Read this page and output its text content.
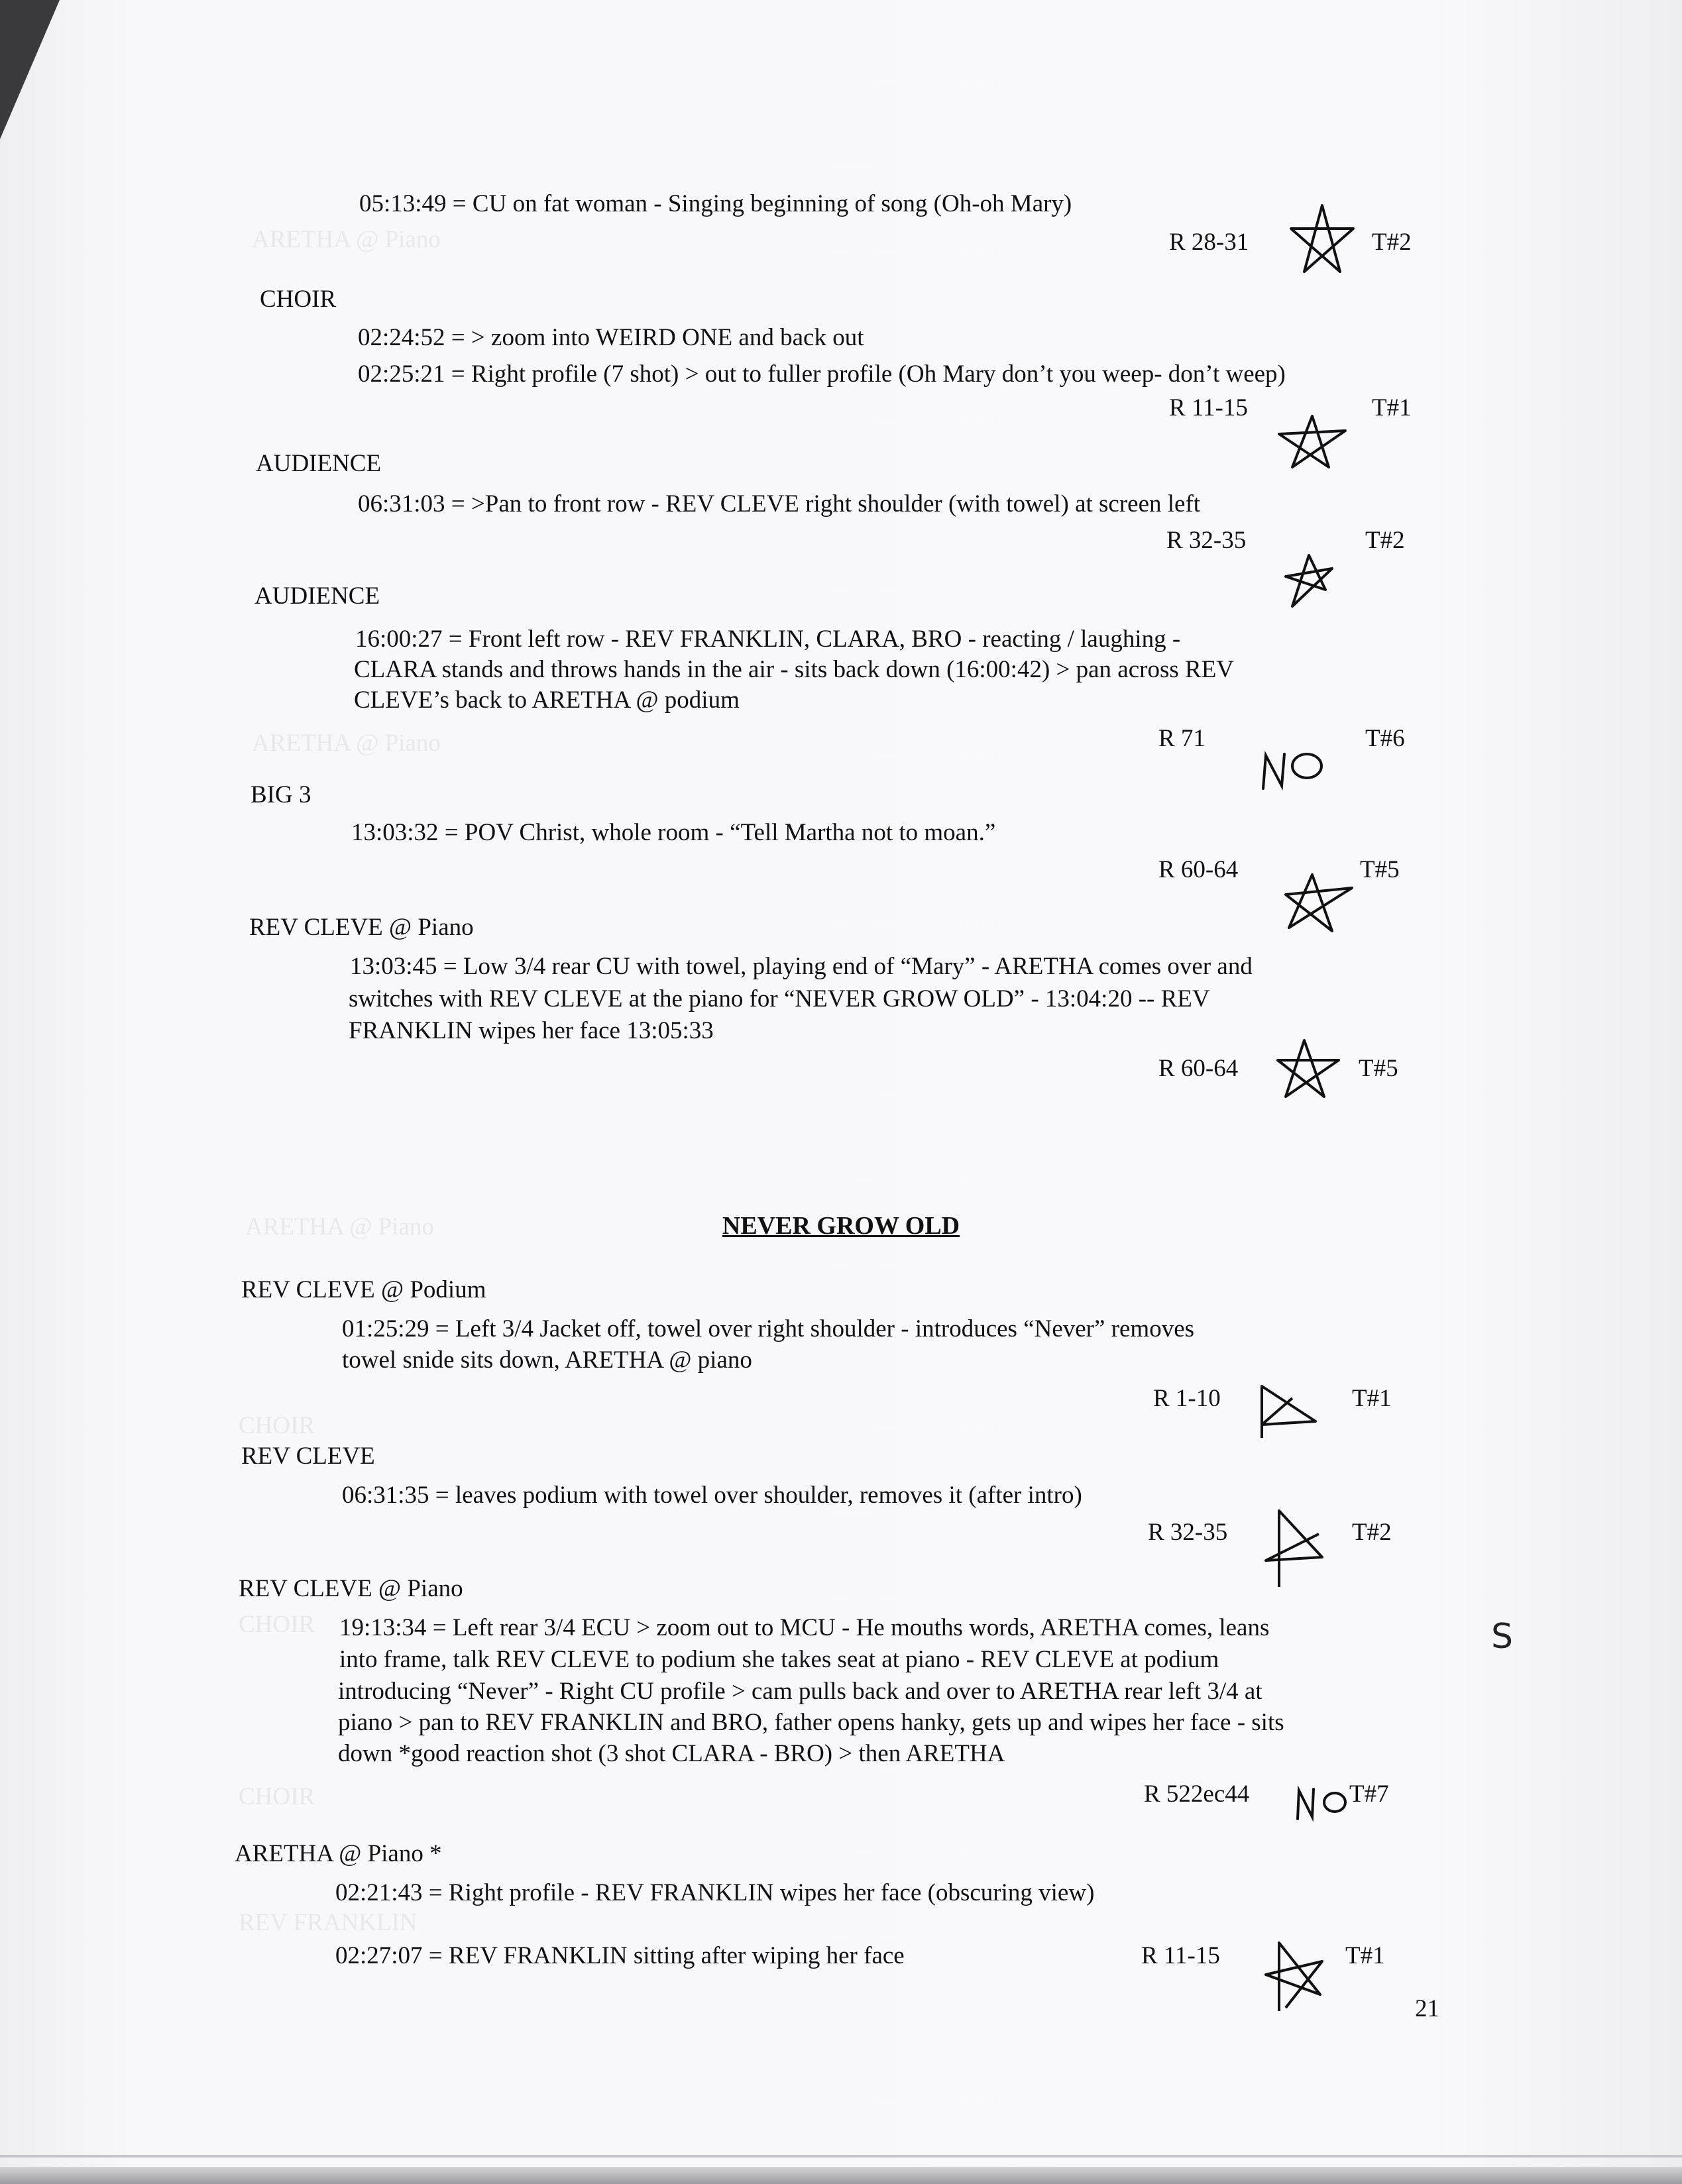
ARETHA @ Piano
ARETHA @ Piano
ARETHA @ Piano
CHOIR
CHOIR
CHOIR
REV FRANKLIN
05:13:49 = CU on fat woman - Singing beginning of song (Oh-oh Mary)
R 28-31	T#2
CHOIR
02:24:52 = > zoom into WEIRD ONE and back out
02:25:21 = Right profile (7 shot) > out to fuller profile (Oh Mary don’t you weep- don’t weep)
R 11-15	T#1
AUDIENCE
06:31:03 = >Pan to front row - REV CLEVE right shoulder (with towel) at screen left
R 32-35	T#2
AUDIENCE
16:00:27 = Front left row - REV FRANKLIN, CLARA, BRO - reacting / laughing -
CLARA stands and throws hands in the air - sits back down (16:00:42) > pan across REV
CLEVE’s back to ARETHA @ podium
R 71	T#6
BIG 3
13:03:32 = POV Christ, whole room - “Tell Martha not to moan.”
R 60-64	T#5
REV CLEVE @ Piano
13:03:45 = Low 3/4 rear CU with towel, playing end of “Mary” - ARETHA comes over and
switches with REV CLEVE at the piano for “NEVER GROW OLD” - 13:04:20 -- REV
FRANKLIN wipes her face 13:05:33
R 60-64	T#5
NEVER GROW OLD
REV CLEVE @ Podium
01:25:29 = Left 3/4 Jacket off, towel over right shoulder - introduces “Never” removes
towel snide sits down, ARETHA @ piano
R 1-10	T#1
REV CLEVE
06:31:35 = leaves podium with towel over shoulder, removes it (after intro)
R 32-35	T#2
REV CLEVE @ Piano
19:13:34 = Left rear 3/4 ECU > zoom out to MCU - He mouths words, ARETHA comes, leans
into frame, talk REV CLEVE to podium she takes seat at piano - REV CLEVE at podium
introducing “Never” - Right CU profile > cam pulls back and over to ARETHA rear left 3/4 at
piano > pan to REV FRANKLIN and BRO, father opens hanky, gets up and wipes her face - sits
down *good reaction shot (3 shot CLARA - BRO) > then ARETHA
R 522ec44	T#7
ARETHA @ Piano *
02:21:43 = Right profile - REV FRANKLIN wipes her face (obscuring view)
02:27:07 = REV FRANKLIN sitting after wiping her face	R 11-15	T#1
S
21
